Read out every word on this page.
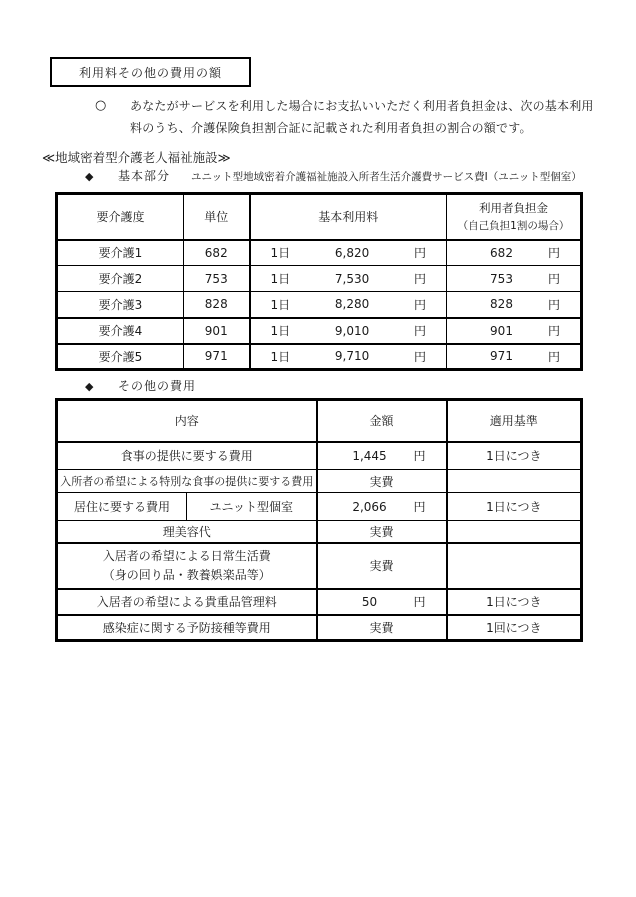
利用料その他の費用の額
○	あなたがサービスを利用した場合にお支払いいただく利用者負担金は、次の基本利用
料のうち、介護保険負担割合証に記載された利用者負担の割合の額です。
≪地域密着型介護老人福祉施設≫
◆	基本部分 ユニット型地域密着介護福祉施設入所者生活介護費サービス費Ⅰ（ユニット型個室）
要介護度	単位	基本利用料	利用者負担金
（自己負担1割の場合）

要介護1	682	1日 6,820 円	682 円

要介護2	753	1日 7,530 円	753 円

要介護3	828	1日 8,280 円	828 円

要介護4	901	1日 9,010 円	901 円

要介護5	971	1日 9,710 円	971 円
◆	その他の費用
内容		金額	適用基準
食事の提供に要する費用		1,445 円	1日につき
入所者の希望による特別な食事の提供に要する費用		実費	
居住に要する費用	ユニット型個室	2,066 円	1日につき
理美容代		実費	

入居者の希望による日常生活費
（身の回り品・教養娯楽品等）		実費	
入居者の希望による貴重品管理料		50 円	1日につき
感染症に関する予防接種等費用		実費	1回につき
